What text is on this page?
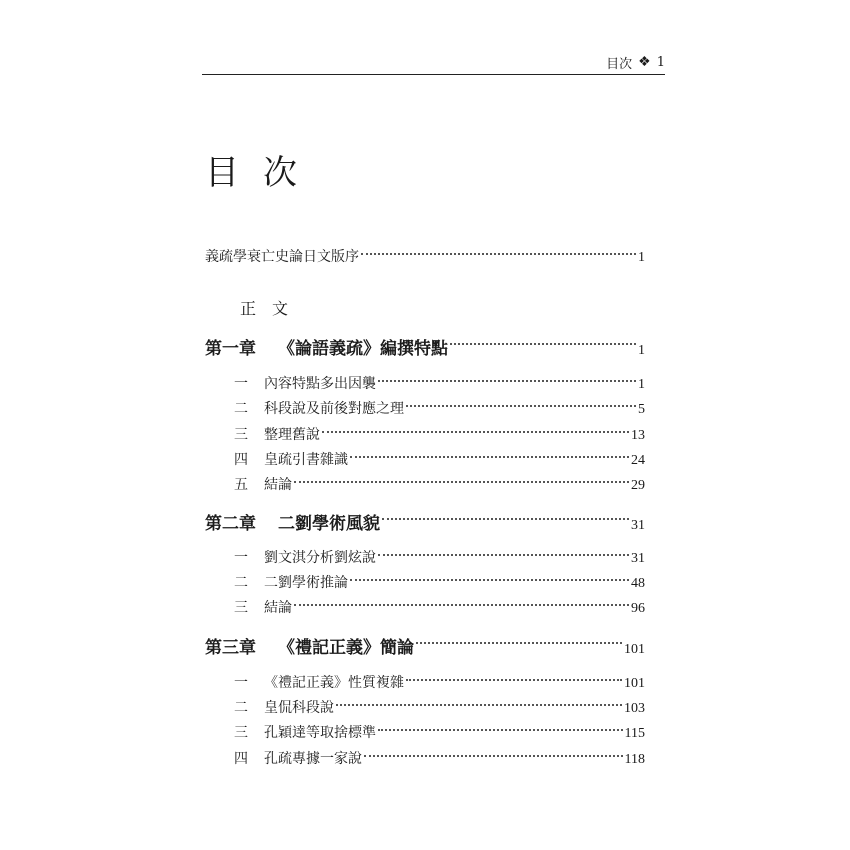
目次 ❖ 1
目次
義疏學衰亡史論日文版序	1
正文
第一章 《論語義疏》編撰特點	1
一 內容特點多出因襲	1
二 科段說及前後對應之理	5
三 整理舊說	13
四 皇疏引書雜識	24
五 結論	29
第二章 二劉學術風貌	31
一 劉文淇分析劉炫說	31
二 二劉學術推論	48
三 結論	96
第三章 《禮記正義》簡論	101
一 《禮記正義》性質複雜	101
二 皇侃科段說	103
三 孔穎達等取捨標準	115
四 孔疏專據一家說	118
